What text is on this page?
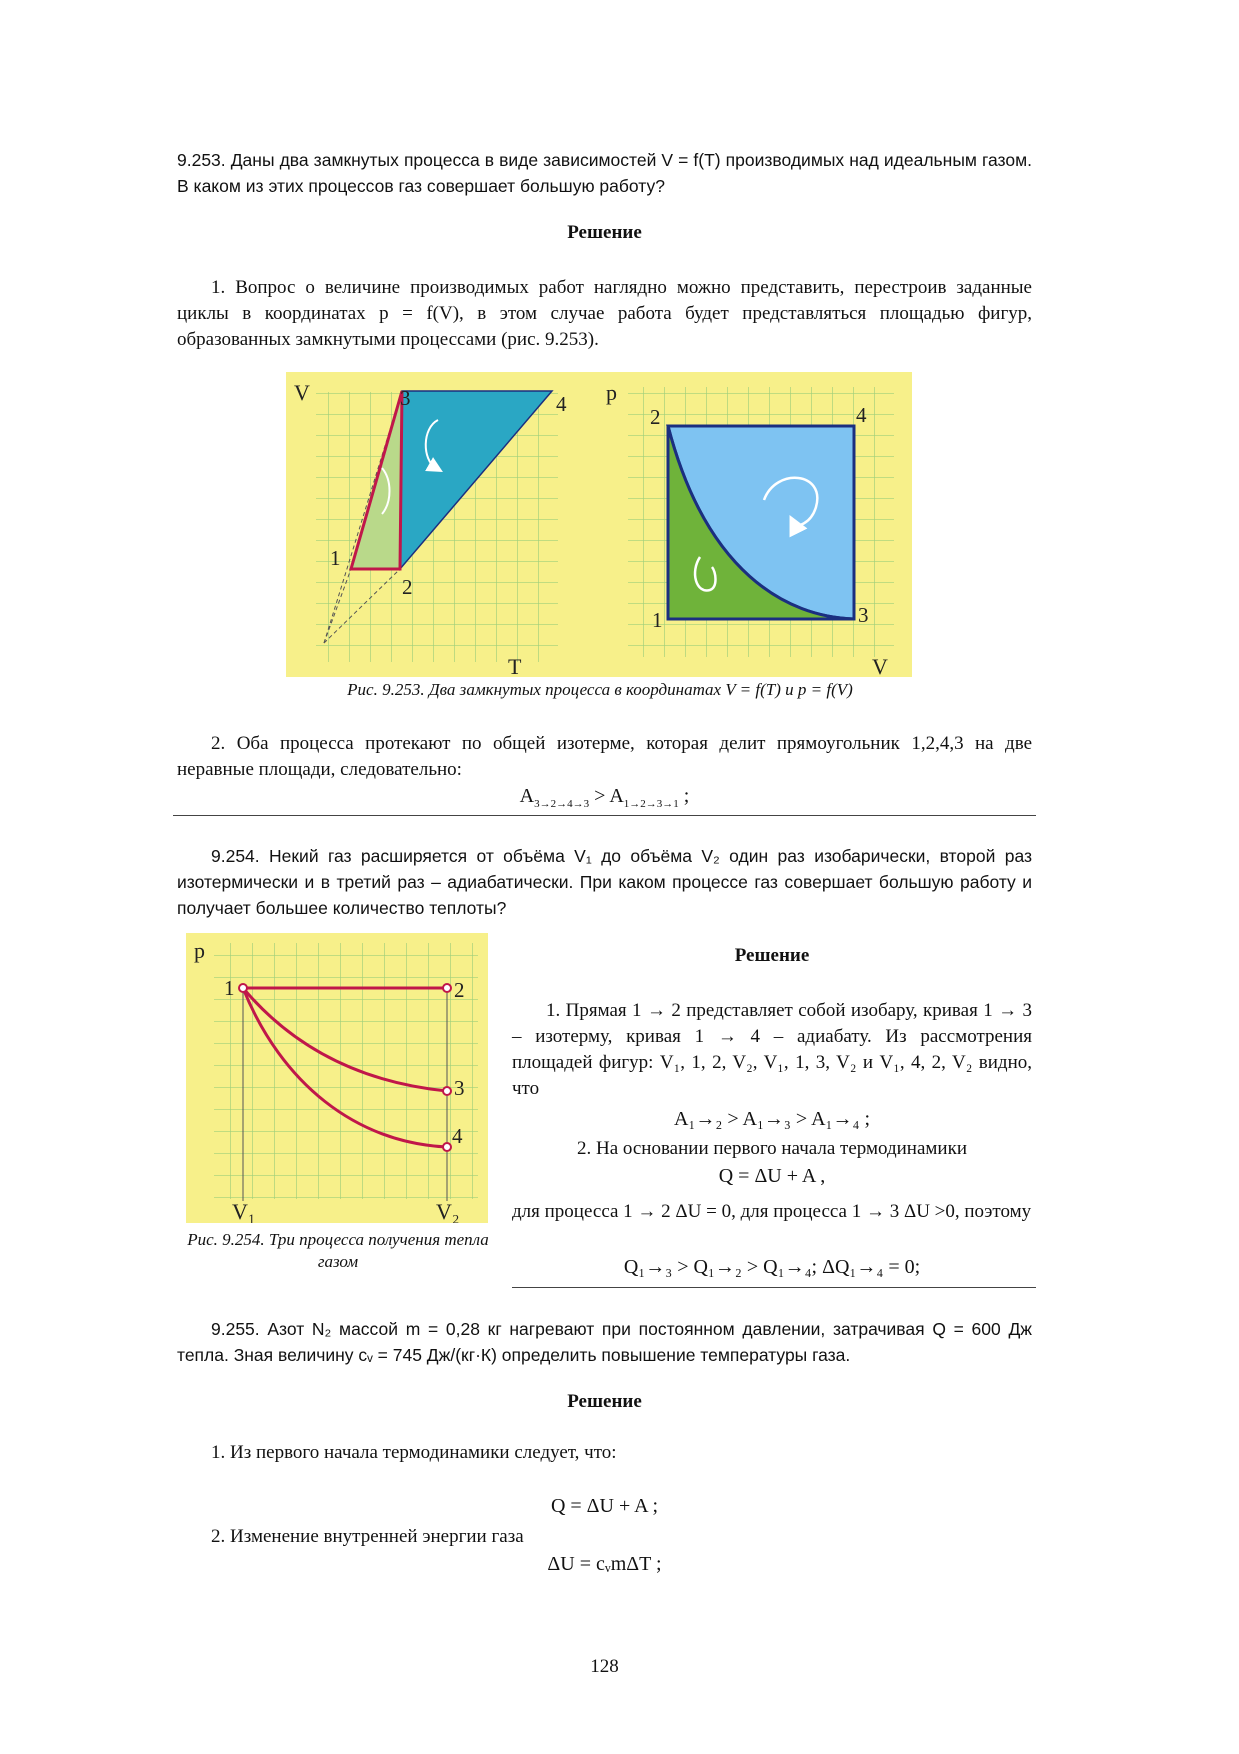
9.253. Даны два замкнутых процесса в виде зависимостей V = f(T) производимых над идеальным газом. В каком из этих процессов газ совершает большую работу?
Решение
1. Вопрос о величине производимых работ наглядно можно представить, перестроив заданные циклы в координатах p = f(V), в этом случае работа будет представляться площадью фигур, образованных замкнутыми процессами (рис. 9.253).
V
T
1
2
3	4 p
V
1
2
3
4
Рис. 9.253. Два замкнутых процесса в координатах V = f(T) и p = f(V)
2. Оба процесса протекают по общей изотерме, которая делит прямоугольник 1,2,4,3 на две неравные площади, следовательно:
$A_{3\to 2\to 4\to 3} > A_{1\to 2\to 3\to 1}$ ;
9.254. Некий газ расширяется от объёма V₁ до объёма V₂ один раз изобарически, второй раз изотермически и в третий раз – адиабатически. При каком процессе газ совершает большую работу и получает большее количество теплоты?
p
1	2
3
4
V₁	V₂
Рис. 9.254. Три процесса получения тепла газом
Решение
1. Прямая 1 → 2 представляет собой изобару, кривая 1 → 3 – изотерму, кривая 1 → 4 – адиабату. Из рассмотрения площадей фигур: V₁, 1, 2, V₂, V₁, 1, 3, V₂ и V₁, 4, 2, V₂ видно, что
A₁→₂ > A₁→₃ > A₁→₄ ;
2. На основании первого начала термодинамики
Q = ΔU + A ,
для процесса 1 → 2 ΔU = 0, для процесса 1 → 3 ΔU >0, поэтому
Q₁→₃ > Q₁→₂ > Q₁→₄; ΔQ₁→₄ = 0;
9.255. Азот N₂ массой m = 0,28 кг нагревают при постоянном давлении, затрачивая Q = 600 Дж тепла. Зная величину cᵥ = 745 Дж/(кг·К) определить повышение температуры газа.
Решение
1. Из первого начала термодинамики следует, что:
Q = ΔU + A ;
2. Изменение внутренней энергии газа
ΔU = cᵥmΔT ;
128
